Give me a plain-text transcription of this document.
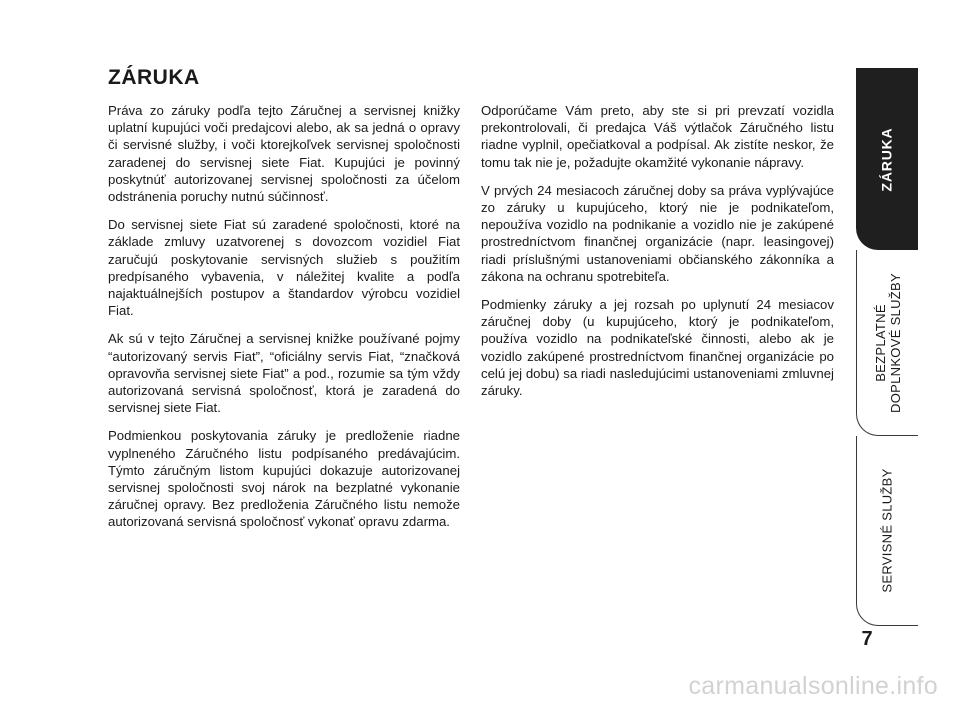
ZÁRUKA

Práva zo záruky podľa tejto Záručnej a servisnej knižky uplatní kupujúci voči predajcovi alebo, ak sa jedná o opravy či servisné služby, i voči ktorejkoľvek servisnej spoločnosti zaradenej do servisnej siete Fiat. Kupujúci je povinný poskytnúť autorizovanej servisnej spoločnosti za účelom odstránenia poruchy nutnú súčinnosť.

Do servisnej siete Fiat sú zaradené spoločnosti, ktoré na základe zmluvy uzatvorenej s dovozcom vozidiel Fiat zaručujú poskytovanie servisných služieb s použitím predpísaného vybavenia, v náležitej kvalite a podľa najaktuálnejších postupov a štandardov výrobcu vozidiel Fiat.

Ak sú v tejto Záručnej a servisnej knižke používané pojmy “autorizovaný servis Fiat”, “oficiálny servis Fiat, “značková opravovňa servisnej siete Fiat” a pod., rozumie sa tým vždy autorizovaná servisná spoločnosť, ktorá je zaradená do servisnej siete Fiat.

Podmienkou poskytovania záruky je predloženie riadne vyplneného Záručného listu podpísaného predávajúcim. Týmto záručným listom kupujúci dokazuje autorizovanej servisnej spoločnosti svoj nárok na bezplatné vykonanie záručnej opravy. Bez predloženia Záručného listu nemože autorizovaná servisná spoločnosť vykonať opravu zdarma.

Odporúčame Vám preto, aby ste si pri prevzatí vozidla prekontrolovali, či predajca Váš výtlačok Záručného listu riadne vyplnil, opečiatkoval a podpísal. Ak zistíte neskor, že tomu tak nie je, požadujte okamžité vykonanie nápravy.

V prvých 24 mesiacoch záručnej doby sa práva vyplývajúce zo záruky u kupujúceho, ktorý nie je podnikateľom, nepoužíva vozidlo na podnikanie a vozidlo nie je zakúpené prostredníctvom finančnej organizácie (napr. leasingovej) riadi príslušnými ustanoveniami občianského zákonníka a zákona na ochranu spotrebiteľa.

Podmienky záruky a jej rozsah po uplynutí 24 mesiacov záručnej doby (u kupujúceho, ktorý je podnikateľom, používa vozidlo na podnikateľské činnosti, alebo ak je vozidlo zakúpené prostredníctvom finančnej organizácie po celú jej dobu) sa riadi nasledujúcimi ustanoveniami zmluvnej záruky.

ZÁRUKA
BEZPLATNÉ DOPLNKOVÉ SLUŽBY
SERVISNÉ SLUŽBY
7
carmanualsonline.info
